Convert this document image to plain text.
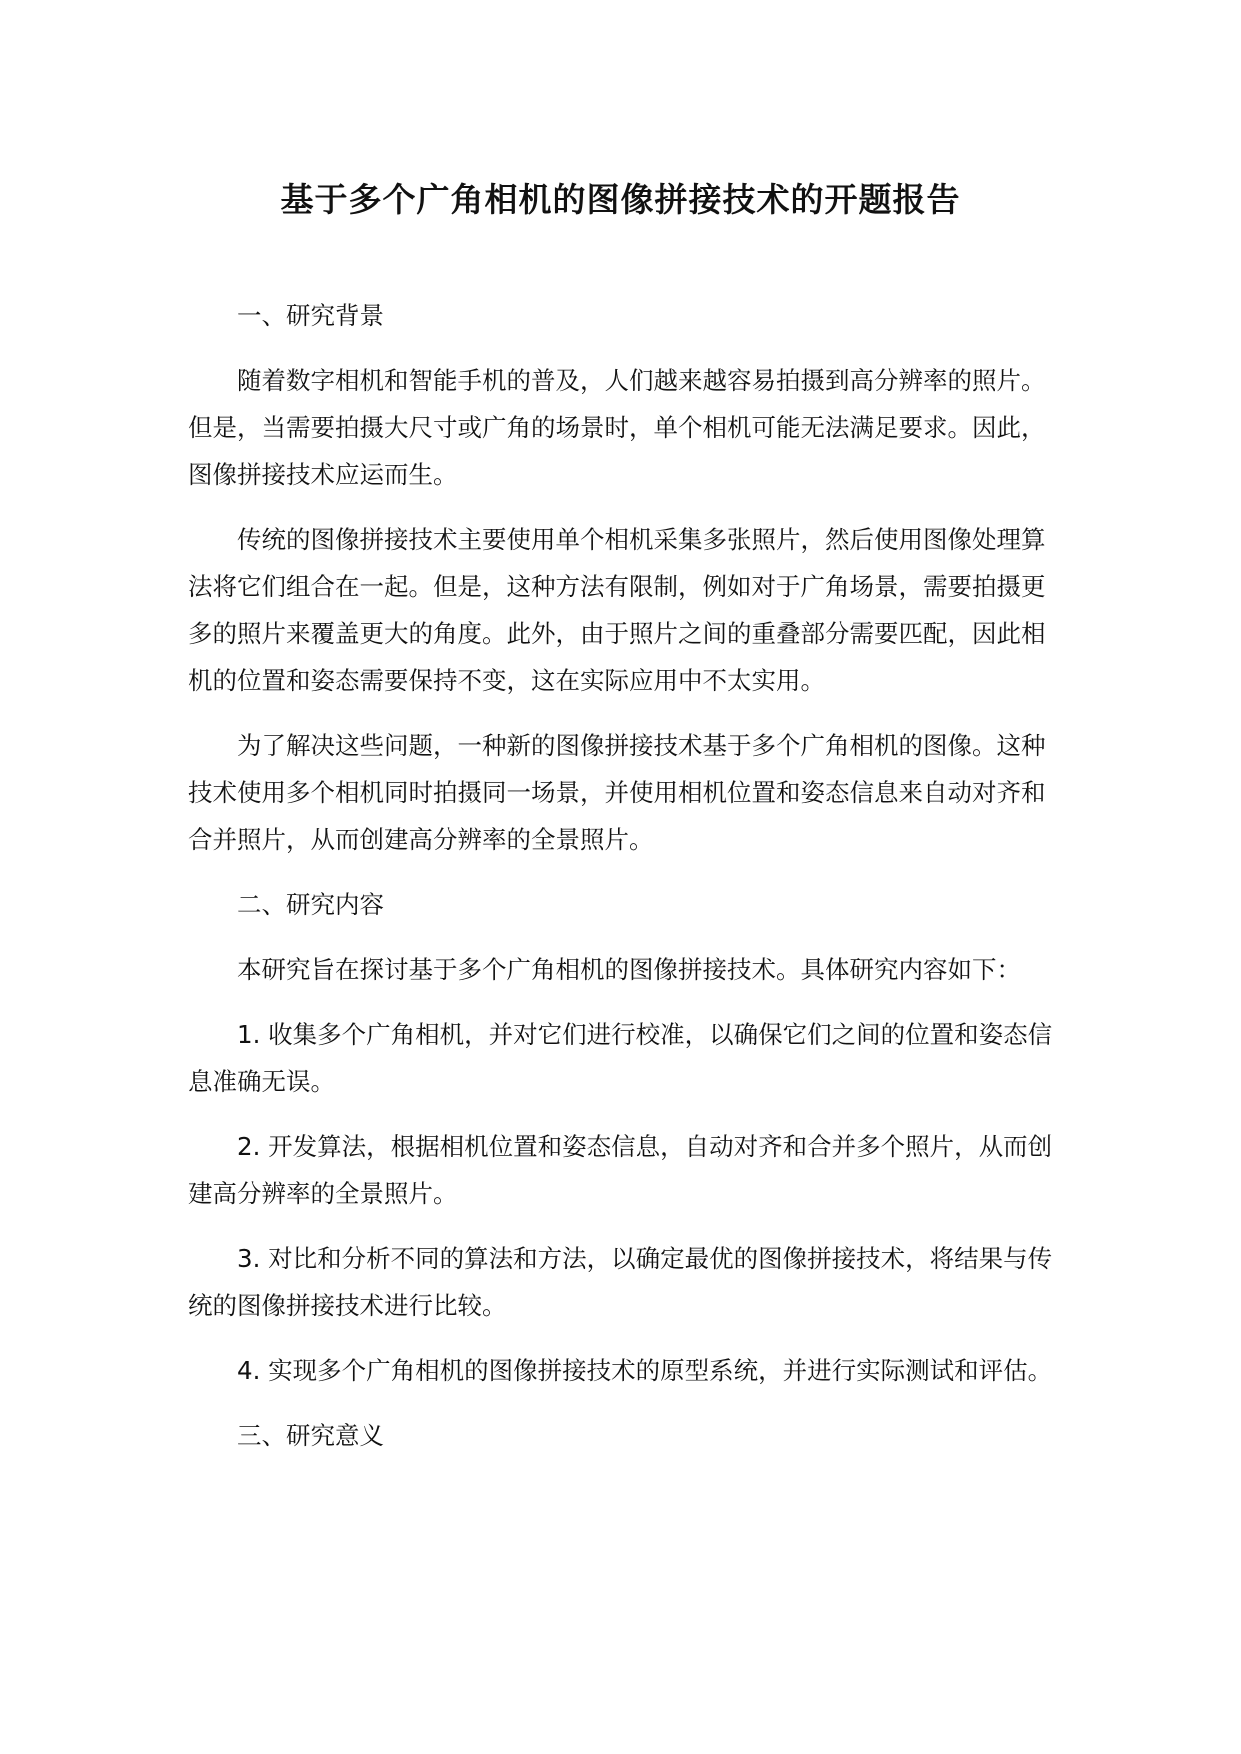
基于多个广角相机的图像拼接技术的开题报告
一、研究背景

随着数字相机和智能手机的普及，人们越来越容易拍摄到高分辨率的照片。但是，当需要拍摄大尺寸或广角的场景时，单个相机可能无法满足要求。因此，图像拼接技术应运而生。

传统的图像拼接技术主要使用单个相机采集多张照片，然后使用图像处理算法将它们组合在一起。但是，这种方法有限制，例如对于广角场景，需要拍摄更多的照片来覆盖更大的角度。此外，由于照片之间的重叠部分需要匹配，因此相机的位置和姿态需要保持不变，这在实际应用中不太实用。

为了解决这些问题，一种新的图像拼接技术基于多个广角相机的图像。这种技术使用多个相机同时拍摄同一场景，并使用相机位置和姿态信息来自动对齐和合并照片，从而创建高分辨率的全景照片。

二、研究内容

本研究旨在探讨基于多个广角相机的图像拼接技术。具体研究内容如下：

1. 收集多个广角相机，并对它们进行校准，以确保它们之间的位置和姿态信息准确无误。

2. 开发算法，根据相机位置和姿态信息，自动对齐和合并多个照片，从而创建高分辨率的全景照片。

3. 对比和分析不同的算法和方法，以确定最优的图像拼接技术，将结果与传统的图像拼接技术进行比较。

4. 实现多个广角相机的图像拼接技术的原型系统，并进行实际测试和评估。

三、研究意义
